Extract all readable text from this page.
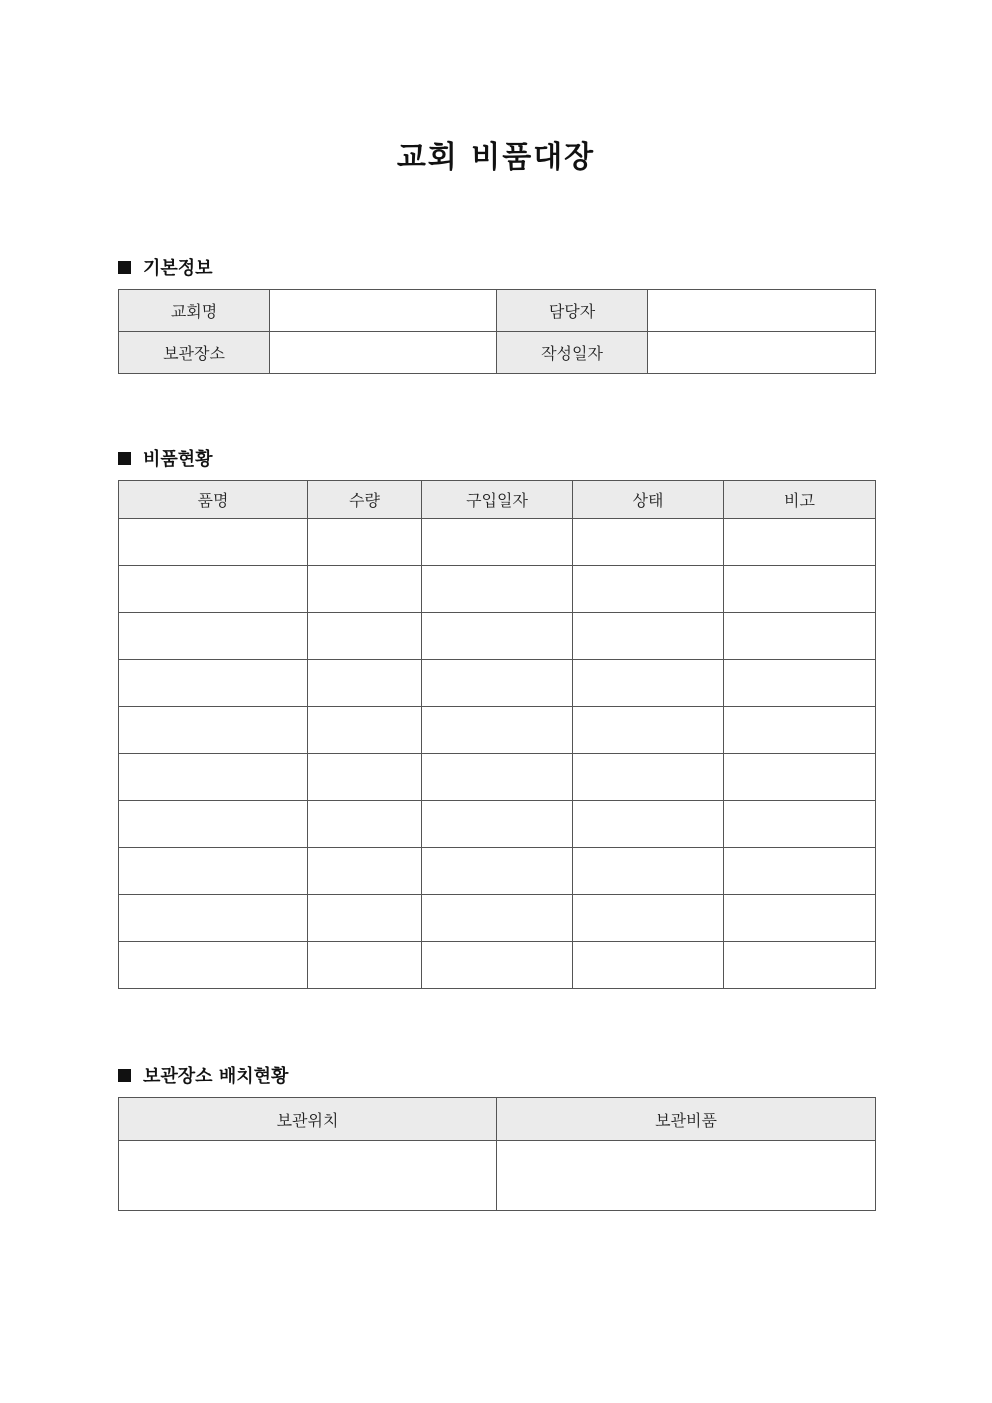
교회 비품대장
기본정보
교회명		담당자	
보관장소		작성일자	
비품현황
품명	수량	구입일자	상태	비고

보관장소 배치현황
보관위치	보관비품
